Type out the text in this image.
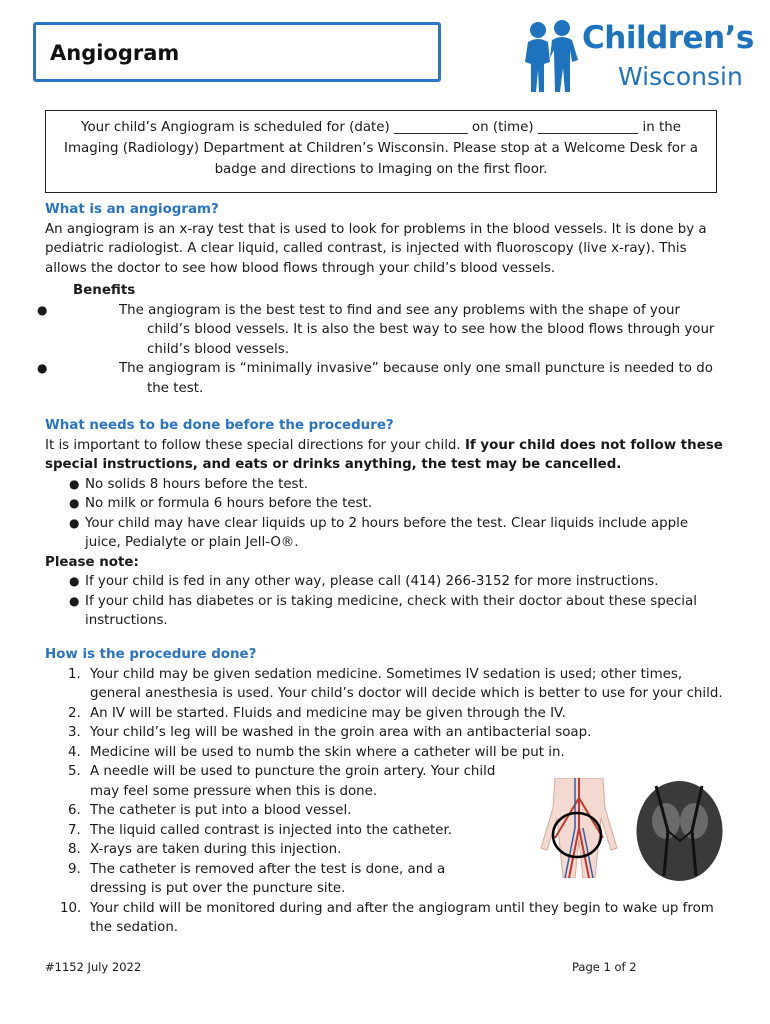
Angiogram	Children’s
Wisconsin
Your child’s Angiogram is scheduled for (date) ___________ on (time) _______________ in the Imaging (Radiology) Department at Children’s Wisconsin. Please stop at a Welcome Desk for a badge and directions to Imaging on the first floor.
What is an angiogram?
An angiogram is an x-ray test that is used to look for problems in the blood vessels. It is done by a pediatric radiologist. A clear liquid, called contrast, is injected with fluoroscopy (live x-ray). This allows the doctor to see how blood flows through your child’s blood vessels.
Benefits
●	The angiogram is the best test to find and see any problems with the shape of your child’s blood vessels. It is also the best way to see how the blood flows through your child’s blood vessels.
●	The angiogram is “minimally invasive” because only one small puncture is needed to do the test.
What needs to be done before the procedure?
It is important to follow these special directions for your child. If your child does not follow these special instructions, and eats or drinks anything, the test may be cancelled.
● No solids 8 hours before the test.
● No milk or formula 6 hours before the test.
● Your child may have clear liquids up to 2 hours before the test. Clear liquids include apple juice, Pedialyte or plain Jell-O®.
Please note:
● If your child is fed in any other way, please call (414) 266-3152 for more instructions.
● If your child has diabetes or is taking medicine, check with their doctor about these special instructions.
How is the procedure done?
1. Your child may be given sedation medicine. Sometimes IV sedation is used; other times, general anesthesia is used. Your child’s doctor will decide which is better to use for your child.
2. An IV will be started. Fluids and medicine may be given through the IV.
3. Your child’s leg will be washed in the groin area with an antibacterial soap.
4. Medicine will be used to numb the skin where a catheter will be put in.
5. A needle will be used to puncture the groin artery. Your child may feel some pressure when this is done.
6. The catheter is put into a blood vessel.
7. The liquid called contrast is injected into the catheter.
8. X-rays are taken during this injection.
9. The catheter is removed after the test is done, and a dressing is put over the puncture site.
10. Your child will be monitored during and after the angiogram until they begin to wake up from the sedation.
#1152 July 2022	Page 1 of 2
